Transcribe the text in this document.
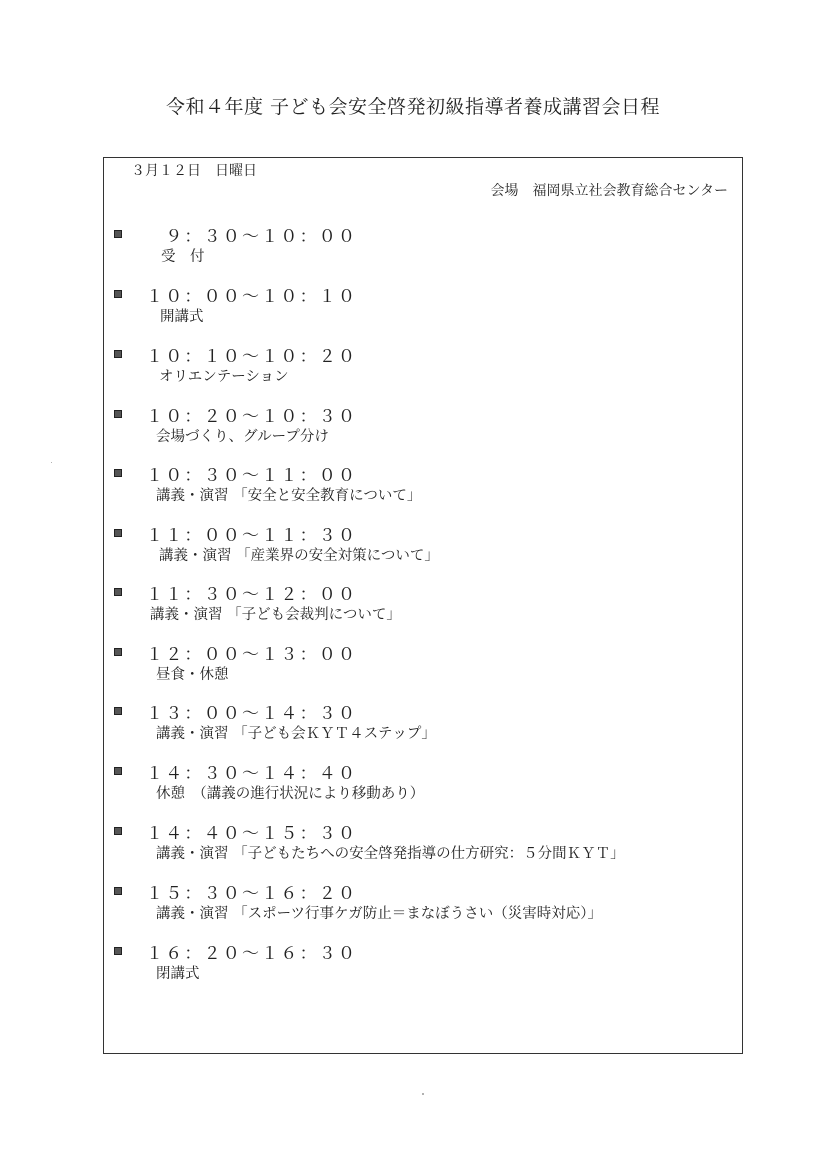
令和４年度 子ども会安全啓発初級指導者養成講習会日程
３月１２日　日曜日
会場　福岡県立社会教育総合センター
　９：３０〜１０：００
受　付
１０：００〜１０：１０
開講式
１０：１０〜１０：２０
オリエンテーション
１０：２０〜１０：３０
会場づくり、グループ分け
１０：３０〜１１：００
講義・演習 「安全と安全教育について」
１１：００〜１１：３０
講義・演習 「産業界の安全対策について」
１１：３０〜１２：００
講義・演習 「子ども会裁判について」
１２：００〜１３：００
昼食・休憩
１３：００〜１４：３０
講義・演習 「子ども会ＫＹＴ４ステップ」
１４：３０〜１４：４０
休憩　（講義の進行状況により移動あり）
１４：４０〜１５：３０
講義・演習 「子どもたちへの安全啓発指導の仕方研究：５分間ＫＹＴ」
１５：３０〜１６：２０
講義・演習 「スポーツ行事ケガ防止＝まなぼうさい（災害時対応）」
１６：２０〜１６：３０
閉講式
